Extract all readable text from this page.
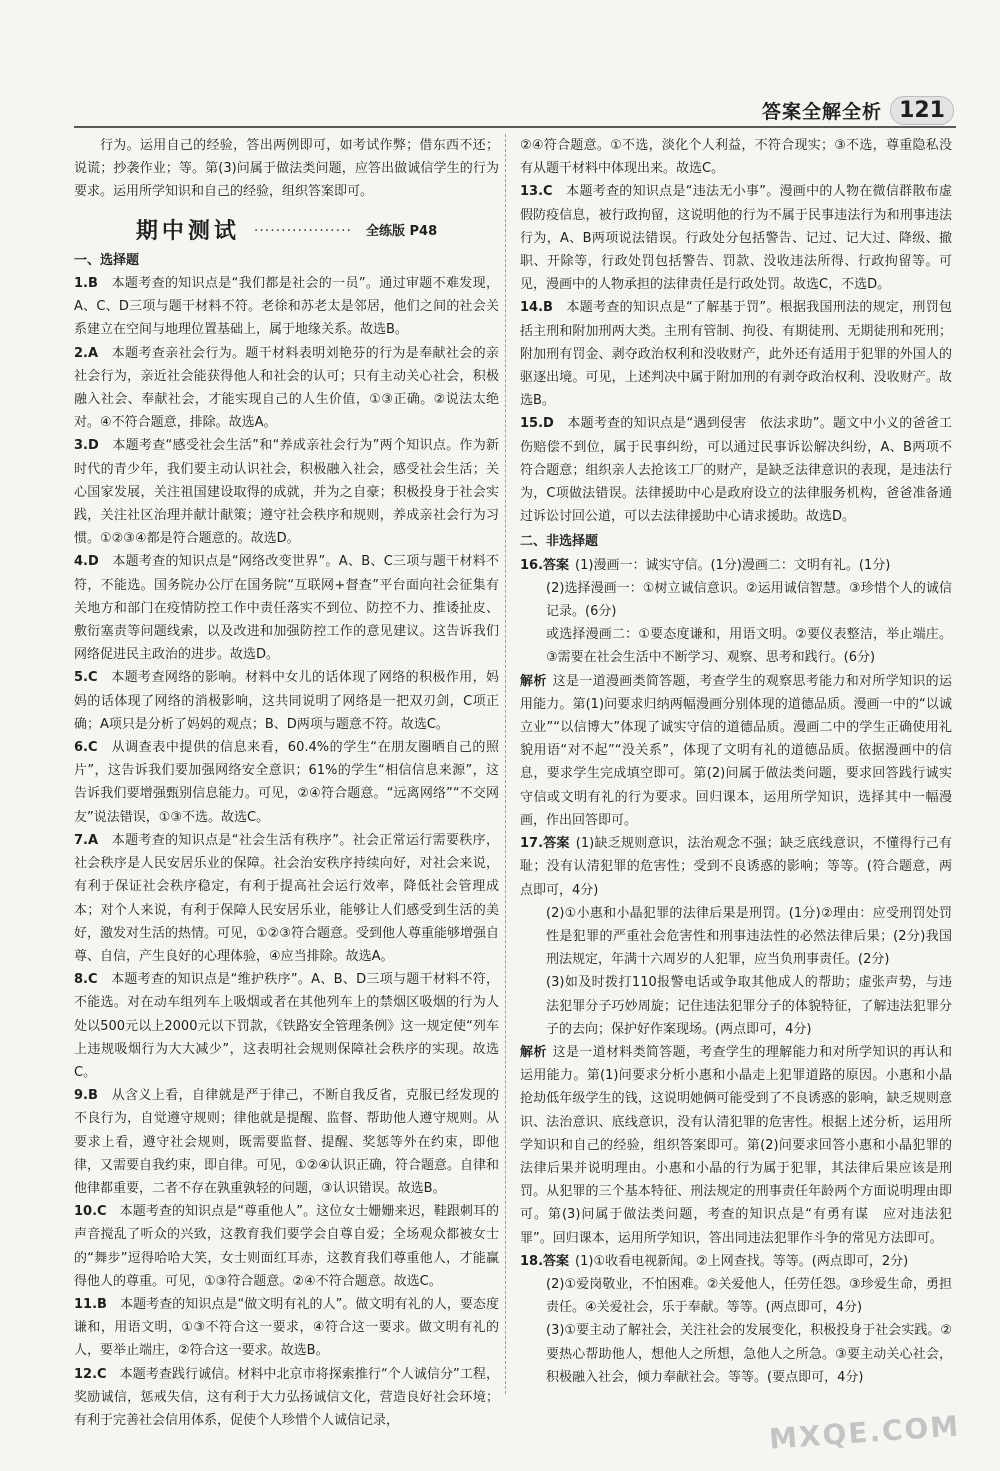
答案全解全析 121

行为。运用自己的经验，答出两例即可，如考试作弊；借东西不还；说谎；抄袭作业；等。第(3)问属于做法类问题，应答出做诚信学生的行为要求。运用所学知识和自己的经验，组织答案即可。

期中测试 ·················· 全练版 P48

一、选择题

1.B　 本题考查的知识点是“我们都是社会的一员”。通过审题不难发现，A、C、D三项与题干材料不符。老徐和苏老太是邻居，他们之间的社会关系建立在空间与地理位置基础上，属于地缘关系。故选B。

2.A　 本题考查亲社会行为。题干材料表明刘艳芬的行为是奉献社会的亲社会行为，亲近社会能获得他人和社会的认可；只有主动关心社会，积极融入社会、奉献社会，才能实现自己的人生价值，①③正确。②说法太绝对。④不符合题意，排除。故选A。

3.D　 本题考查“感受社会生活”和“养成亲社会行为”两个知识点。作为新时代的青少年，我们要主动认识社会，积极融入社会，感受社会生活；关心国家发展，关注祖国建设取得的成就，并为之自豪；积极投身于社会实践，关注社区治理并献计献策；遵守社会秩序和规则，养成亲社会行为习惯。①②③④都是符合题意的。故选D。

4.D　 本题考查的知识点是“网络改变世界”。A、B、C三项与题干材料不符，不能选。国务院办公厅在国务院“互联网+督查”平台面向社会征集有关地方和部门在疫情防控工作中责任落实不到位、防控不力、推诿扯皮、敷衍塞责等问题线索，以及改进和加强防控工作的意见建议。这告诉我们网络促进民主政治的进步。故选D。

5.C　 本题考查网络的影响。材料中女儿的话体现了网络的积极作用，妈妈的话体现了网络的消极影响，这共同说明了网络是一把双刃剑，C项正确；A项只是分析了妈妈的观点；B、D两项与题意不符。故选C。

6.C　 从调查表中提供的信息来看，60.4%的学生“在朋友圈晒自己的照片”，这告诉我们要加强网络安全意识；61%的学生“相信信息来源”，这告诉我们要增强甄别信息能力。可见，②④符合题意。“远离网络”“不交网友”说法错误，①③不选。故选C。

7.A　 本题考查的知识点是“社会生活有秩序”。社会正常运行需要秩序，社会秩序是人民安居乐业的保障。社会治安秩序持续向好，对社会来说，有利于保证社会秩序稳定，有利于提高社会运行效率，降低社会管理成本；对个人来说，有利于保障人民安居乐业，能够让人们感受到生活的美好，激发对生活的热情。可见，①②③符合题意。受到他人尊重能够增强自尊、自信，产生良好的心理体验，④应当排除。故选A。

8.C　 本题考查的知识点是“维护秩序”。A、B、D三项与题干材料不符，不能选。对在动车组列车上吸烟或者在其他列车上的禁烟区吸烟的行为人处以500元以上2000元以下罚款，《铁路安全管理条例》这一规定使“列车上违规吸烟行为大大减少”，这表明社会规则保障社会秩序的实现。故选C。

9.B　 从含义上看，自律就是严于律己，不断自我反省，克服已经发现的不良行为，自觉遵守规则；律他就是提醒、监督、帮助他人遵守规则。从要求上看，遵守社会规则，既需要监督、提醒、奖惩等外在约束，即他律，又需要自我约束，即自律。可见，①②④认识正确，符合题意。自律和他律都重要，二者不存在孰重孰轻的问题，③认识错误。故选B。

10.C　 本题考查的知识点是“尊重他人”。这位女士姗姗来迟，鞋跟刺耳的声音搅乱了听众的兴致，这教育我们要学会自尊自爱；全场观众都被女士的“舞步”逗得哈哈大笑，女士则面红耳赤，这教育我们尊重他人，才能赢得他人的尊重。可见，①③符合题意。②④不符合题意。故选C。

11.B　 本题考查的知识点是“做文明有礼的人”。做文明有礼的人，要态度谦和，用语文明，①③不符合这一要求，④符合这一要求。做文明有礼的人，要举止端庄，②符合这一要求。故选B。

12.C　 本题考查践行诚信。材料中北京市将探索推行“个人诚信分”工程，奖励诚信，惩戒失信，这有利于大力弘扬诚信文化，营造良好社会环境；有利于完善社会信用体系，促使个人珍惜个人诚信记录，

②④符合题意。①不选，淡化个人利益，不符合现实；③不选，尊重隐私没有从题干材料中体现出来。故选C。

13.C　 本题考查的知识点是“违法无小事”。漫画中的人物在微信群散布虚假防疫信息，被行政拘留，这说明他的行为不属于民事违法行为和刑事违法行为，A、B两项说法错误。行政处分包括警告、记过、记大过、降级、撤职、开除等，行政处罚包括警告、罚款、没收违法所得、行政拘留等。可见，漫画中的人物承担的法律责任是行政处罚。故选C，不选D。

14.B　 本题考查的知识点是“了解基于罚”。根据我国刑法的规定，刑罚包括主刑和附加刑两大类。主刑有管制、拘役、有期徒刑、无期徒刑和死刑；附加刑有罚金、剥夺政治权利和没收财产，此外还有适用于犯罪的外国人的驱逐出境。可见，上述判决中属于附加刑的有剥夺政治权利、没收财产。故选B。

15.D　 本题考查的知识点是“遇到侵害　依法求助”。题文中小义的爸爸工伤赔偿不到位，属于民事纠纷，可以通过民事诉讼解决纠纷，A、B两项不符合题意；组织亲人去抢该工厂的财产，是缺乏法律意识的表现，是违法行为，C项做法错误。法律援助中心是政府设立的法律服务机构，爸爸准备通过诉讼讨回公道，可以去法律援助中心请求援助。故选D。

二、非选择题

16.答案 (1)漫画一：诚实守信。(1分)漫画二：文明有礼。(1分)

(2)选择漫画一：①树立诚信意识。②运用诚信智慧。③珍惜个人的诚信记录。(6分)

或选择漫画二：①要态度谦和，用语文明。②要仪表整洁，举止端庄。③需要在社会生活中不断学习、观察、思考和践行。(6分)

解析 这是一道漫画类简答题，考查学生的观察思考能力和对所学知识的运用能力。第(1)问要求归纳两幅漫画分别体现的道德品质。漫画一中的“以诚立业”“以信博大”体现了诚实守信的道德品质。漫画二中的学生正确使用礼貌用语“对不起”“没关系”，体现了文明有礼的道德品质。依据漫画中的信息，要求学生完成填空即可。第(2)问属于做法类问题，要求回答践行诚实守信或文明有礼的行为要求。回归课本，运用所学知识，选择其中一幅漫画，作出回答即可。

17.答案 (1)缺乏规则意识，法治观念不强；缺乏底线意识，不懂得行己有耻；没有认清犯罪的危害性；受到不良诱惑的影响；等等。(符合题意，两点即可，4分)

(2)①小惠和小晶犯罪的法律后果是刑罚。(1分)②理由：应受刑罚处罚性是犯罪的严重社会危害性和刑事违法性的必然法律后果；(2分)我国刑法规定，年满十六周岁的人犯罪，应当负刑事责任。(2分)

(3)如及时拨打110报警电话或争取其他成人的帮助；虚张声势，与违法犯罪分子巧妙周旋；记住违法犯罪分子的体貌特征，了解违法犯罪分子的去向；保护好作案现场。(两点即可，4分)

解析 这是一道材料类简答题，考查学生的理解能力和对所学知识的再认和运用能力。第(1)问要求分析小惠和小晶走上犯罪道路的原因。小惠和小晶抢劫低年级学生的钱，这说明她俩可能受到了不良诱惑的影响，缺乏规则意识、法治意识、底线意识，没有认清犯罪的危害性。根据上述分析，运用所学知识和自己的经验，组织答案即可。第(2)问要求回答小惠和小晶犯罪的法律后果并说明理由。小惠和小晶的行为属于犯罪，其法律后果应该是刑罚。从犯罪的三个基本特征、刑法规定的刑事责任年龄两个方面说明理由即可。第(3)问属于做法类问题，考查的知识点是“有勇有谋　应对违法犯罪”。回归课本，运用所学知识，答出同违法犯罪作斗争的常见方法即可。

18.答案 (1)①收看电视新闻。②上网查找。等等。(两点即可，2分)

(2)①爱岗敬业，不怕困难。②关爱他人，任劳任怨。③珍爱生命，勇担责任。④关爱社会，乐于奉献。等等。(两点即可，4分)

(3)①要主动了解社会，关注社会的发展变化，积极投身于社会实践。②要热心帮助他人，想他人之所想，急他人之所急。③要主动关心社会，积极融入社会，倾力奉献社会。等等。(要点即可，4分)

MXQE.COM
